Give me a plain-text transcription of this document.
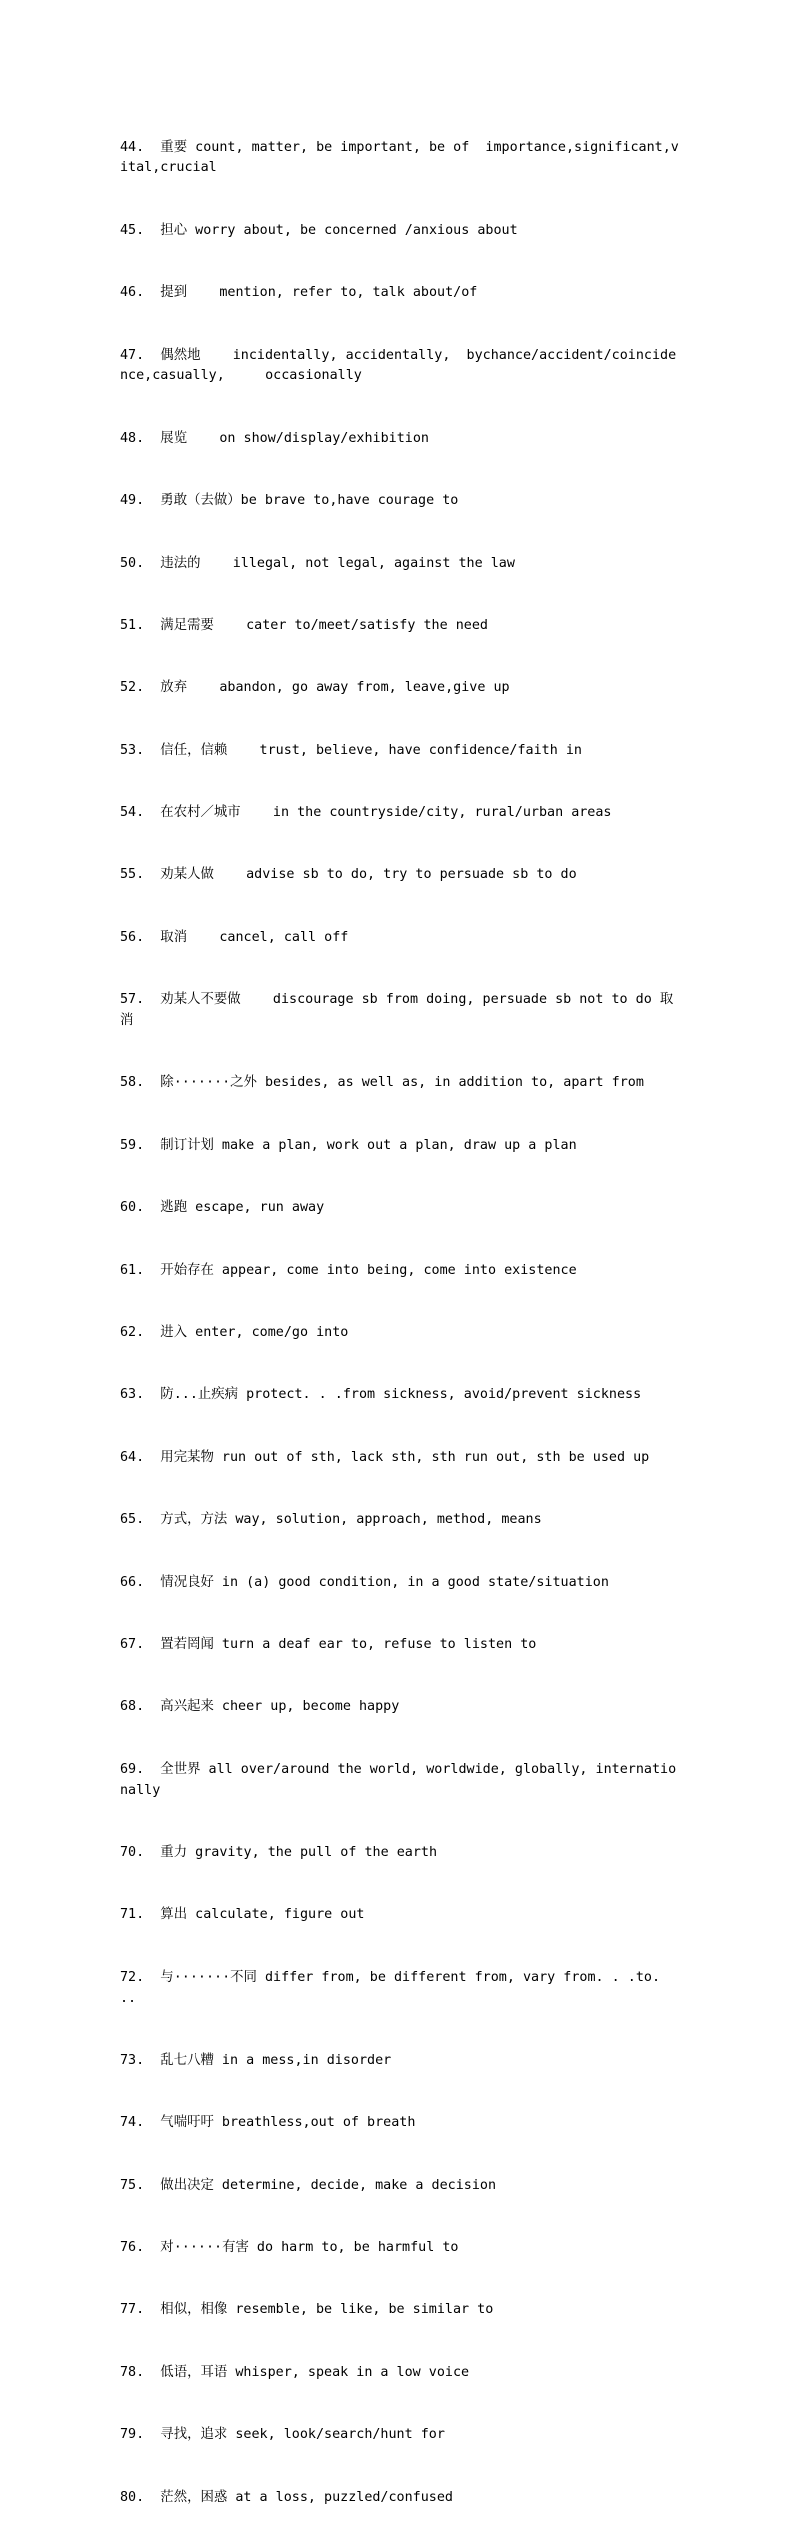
44.  重要 count, matter, be important, be of  importance,significant,vital,crucial

45.  担心 worry about, be concerned /anxious about

46.  提到    mention, refer to, talk about/of

47.  偶然地    incidentally, accidentally,  bychance/accident/coincidence,casually,     occasionally

48.  展览    on show/display/exhibition

49.  勇敢（去做）be brave to,have courage to

50.  违法的    illegal, not legal, against the law

51.  满足需要    cater to/meet/satisfy the need

52.  放弃    abandon, go away from, leave,give up

53.  信任，信赖    trust, believe, have confidence/faith in

54.  在农村／城市    in the countryside/city, rural/urban areas

55.  劝某人做    advise sb to do, try to persuade sb to do

56.  取消    cancel, call off

57.  劝某人不要做    discourage sb from doing, persuade sb not to do 取消

58.  除·······之外 besides, as well as, in addition to, apart from

59.  制订计划 make a plan, work out a plan, draw up a plan

60.  逃跑 escape, run away

61.  开始存在 appear, come into being, come into existence

62.  进入 enter, come/go into

63.  防...止疾病 protect. . .from sickness, avoid/prevent sickness

64.  用完某物 run out of sth, lack sth, sth run out, sth be used up

65.  方式，方法 way, solution, approach, method, means

66.  情况良好 in (a) good condition, in a good state/situation

67.  置若罔闻 turn a deaf ear to, refuse to listen to

68.  高兴起来 cheer up, become happy

69.  全世界 all over/around the world, worldwide, globally, internationally

70.  重力 gravity, the pull of the earth

71.  算出 calculate, figure out

72.  与·······不同 differ from, be different from, vary from. . .to. ..

73.  乱七八糟 in a mess,in disorder

74.  气喘吁吁 breathless,out of breath

75.  做出决定 determine, decide, make a decision

76.  对······有害 do harm to, be harmful to

77.  相似，相像 resemble, be like, be similar to

78.  低语，耳语 whisper, speak in a low voice

79.  寻找，追求 seek, look/search/hunt for

80.  茫然，困惑 at a loss, puzzled/confused
